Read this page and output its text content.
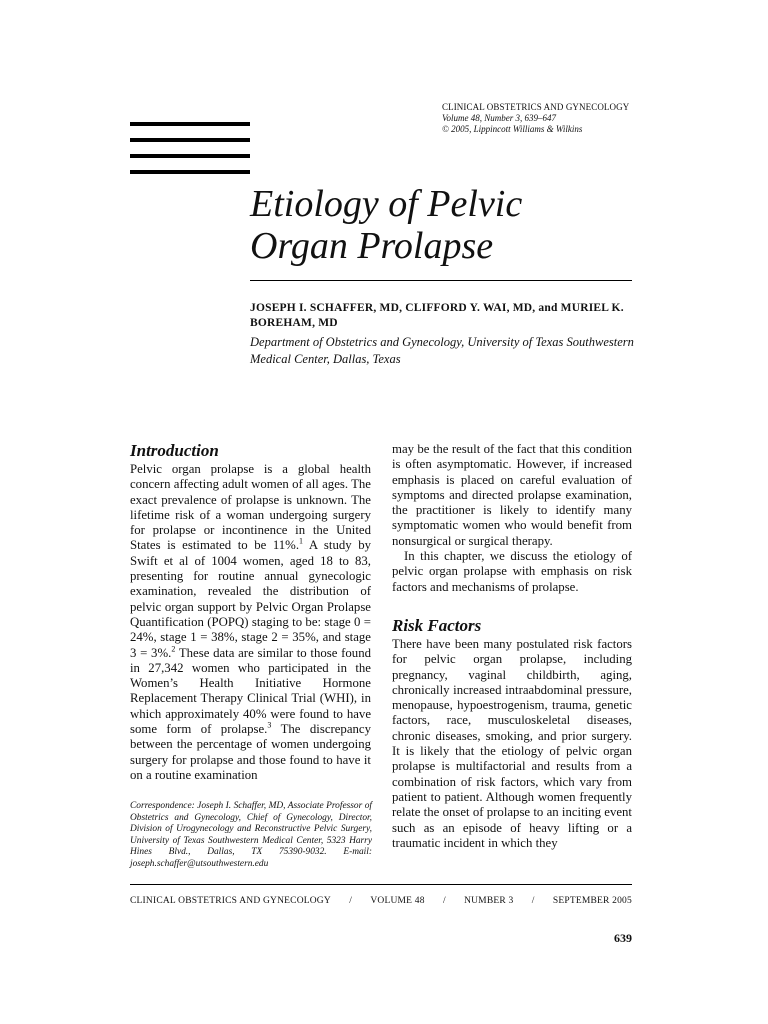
CLINICAL OBSTETRICS AND GYNECOLOGY
Volume 48, Number 3, 639–647
© 2005, Lippincott Williams & Wilkins
Etiology of Pelvic
Organ Prolapse
JOSEPH I. SCHAFFER, MD, CLIFFORD Y. WAI, MD, and MURIEL K. BOREHAM, MD
Department of Obstetrics and Gynecology, University of Texas Southwestern Medical Center, Dallas, Texas
Introduction

Pelvic organ prolapse is a global health concern affecting adult women of all ages. The exact prevalence of prolapse is unknown. The lifetime risk of a woman undergoing surgery for prolapse or incontinence in the United States is estimated to be 11%.$^1$ A study by Swift et al of 1004 women, aged 18 to 83, presenting for routine annual gynecologic examination, revealed the distribution of pelvic organ support by Pelvic Organ Prolapse Quantification (POPQ) staging to be: stage 0 = 24%, stage 1 = 38%, stage 2 = 35%, and stage 3 = 3%.$^2$ These data are similar to those found in 27,342 women who participated in the Women’s Health Initiative Hormone Replacement Therapy Clinical Trial (WHI), in which approximately 40% were found to have some form of prolapse.$^3$ The discrepancy between the percentage of women undergoing surgery for prolapse and those found to have it on a routine examination

Correspondence: Joseph I. Schaffer, MD, Associate Professor of Obstetrics and Gynecology, Chief of Gynecology, Director, Division of Urogynecology and Reconstructive Pelvic Surgery, University of Texas Southwestern Medical Center, 5323 Harry Hines Blvd., Dallas, TX 75390-9032. E-mail: joseph.schaffer@utsouthwestern.edu

may be the result of the fact that this condition is often asymptomatic. However, if increased emphasis is placed on careful evaluation of symptoms and directed prolapse examination, the practitioner is likely to identify many symptomatic women who would benefit from nonsurgical or surgical therapy.

In this chapter, we discuss the etiology of pelvic organ prolapse with emphasis on risk factors and mechanisms of prolapse.

Risk Factors

There have been many postulated risk factors for pelvic organ prolapse, including pregnancy, vaginal childbirth, aging, chronically increased intraabdominal pressure, menopause, hypoestrogenism, trauma, genetic factors, race, musculoskeletal diseases, chronic diseases, smoking, and prior surgery. It is likely that the etiology of pelvic organ prolapse is multifactorial and results from a combination of risk factors, which vary from patient to patient. Although women frequently relate the onset of prolapse to an inciting event such as an episode of heavy lifting or a traumatic incident in which they

CLINICAL OBSTETRICS AND GYNECOLOGY / VOLUME 48 / NUMBER 3 / SEPTEMBER 2005
639
